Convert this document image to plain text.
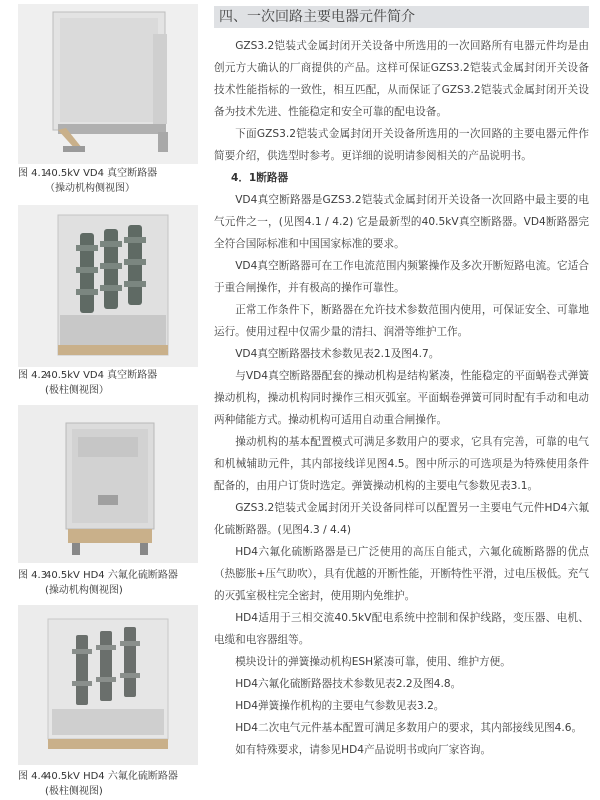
图 4.140.5kV VD4 真空断路器
（操动机构侧视图）
图 4.240.5kV VD4 真空断路器
(极柱侧视图）
图 4.340.5kV HD4 六氟化硫断路器
(操动机构侧视图)
图 4.440.5kV HD4 六氟化硫断路器
(极柱侧视图)
四、一次回路主要电器元件简介

GZS3.2铠装式金属封闭开关设备中所选用的一次回路所有电器元件均是由创元方大确认的厂商提供的产品。这样可保证GZS3.2铠装式金属封闭开关设备技术性能指标的一致性，相互匹配，从而保证了GZS3.2铠装式金属封闭开关设备为技术先进、性能稳定和安全可靠的配电设备。

下面GZS3.2铠装式金属封闭开关设备所选用的一次回路的主要电器元件作简要介绍，供选型时参考。更详细的说明请参阅相关的产品说明书。

4．1断路器

VD4真空断路器是GZS3.2铠装式金属封闭开关设备一次回路中最主要的电气元件之一，(见图4.1 / 4.2) 它是最新型的40.5kV真空断路器。VD4断路器完全符合国际标准和中国国家标准的要求。

VD4真空断路器可在工作电流范围内频繁操作及多次开断短路电流。它适合于重合闸操作，并有极高的操作可靠性。

正常工作条件下，断路器在允许技术参数范围内使用，可保证安全、可靠地运行。使用过程中仅需少量的清扫、润滑等维护工作。

VD4真空断路器技术参数见表2.1及图4.7。

与VD4真空断路器配套的操动机构是结构紧凑，性能稳定的平面蜗卷式弹簧操动机构，操动机构同时操作三相灭弧室。平面蜗卷弹簧可同时配有手动和电动两种储能方式。操动机构可适用自动重合闸操作。

操动机构的基本配置模式可满足多数用户的要求，它具有完善，可靠的电气和机械辅助元件，其内部接线详见图4.5。图中所示的可选项是为特殊使用条件配备的，由用户订货时选定。弹簧操动机构的主要电气参数见表3.1。

GZS3.2铠装式金属封闭开关设备同样可以配置另一主要电气元件HD4六氟化硫断路器。(见图4.3 / 4.4)

HD4六氟化硫断路器是已广泛使用的高压自能式，六氟化硫断路器的优点（热膨胀+压气助吹），具有优越的开断性能，开断特性平滑，过电压极低。充气的灭弧室极柱完全密封，使用期内免维护。

HD4适用于三相交流40.5kV配电系统中控制和保护线路，变压器、电机、电缆和电容器组等。

模块设计的弹簧操动机构ESH紧凑可靠，使用、维护方便。

HD4六氟化硫断路器技术参数见表2.2及图4.8。

HD4弹簧操作机构的主要电气参数见表3.2。

HD4二次电气元件基本配置可满足多数用户的要求，其内部接线见图4.6。

如有特殊要求，请参见HD4产品说明书或向厂家咨询。
